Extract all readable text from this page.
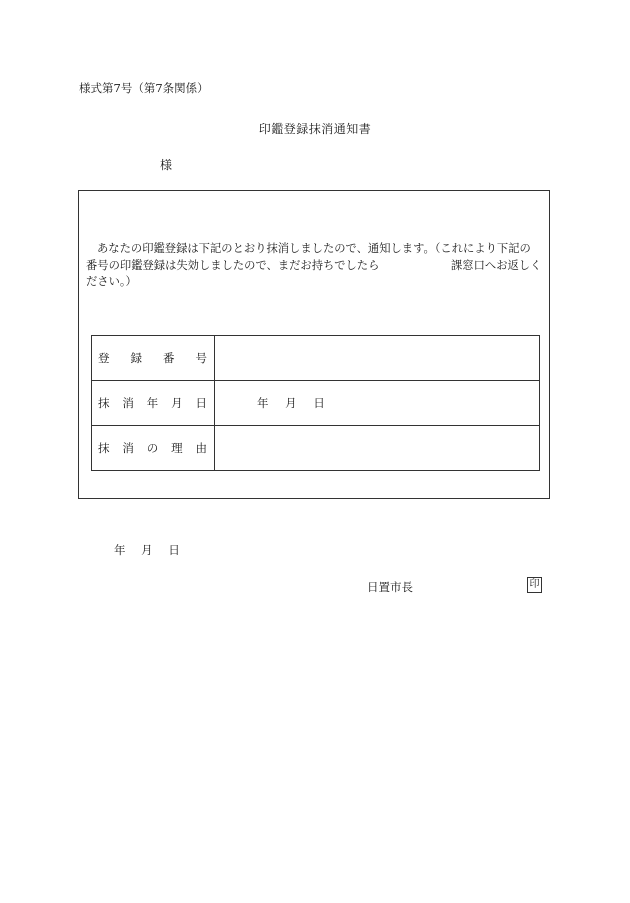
様式第7号（第7条関係）
印鑑登録抹消通知書
様
あなたの印鑑登録は下記のとおり抹消しましたので、通知します。（これにより下記の
番号の印鑑登録は失効しましたので、まだお持ちでしたら	課窓口へお返しく
ださい。）
登 録 番 号	

抹 消 年 月 日	年 月 日

抹 消 の 理 由	

年 月 日
日置市長	印
